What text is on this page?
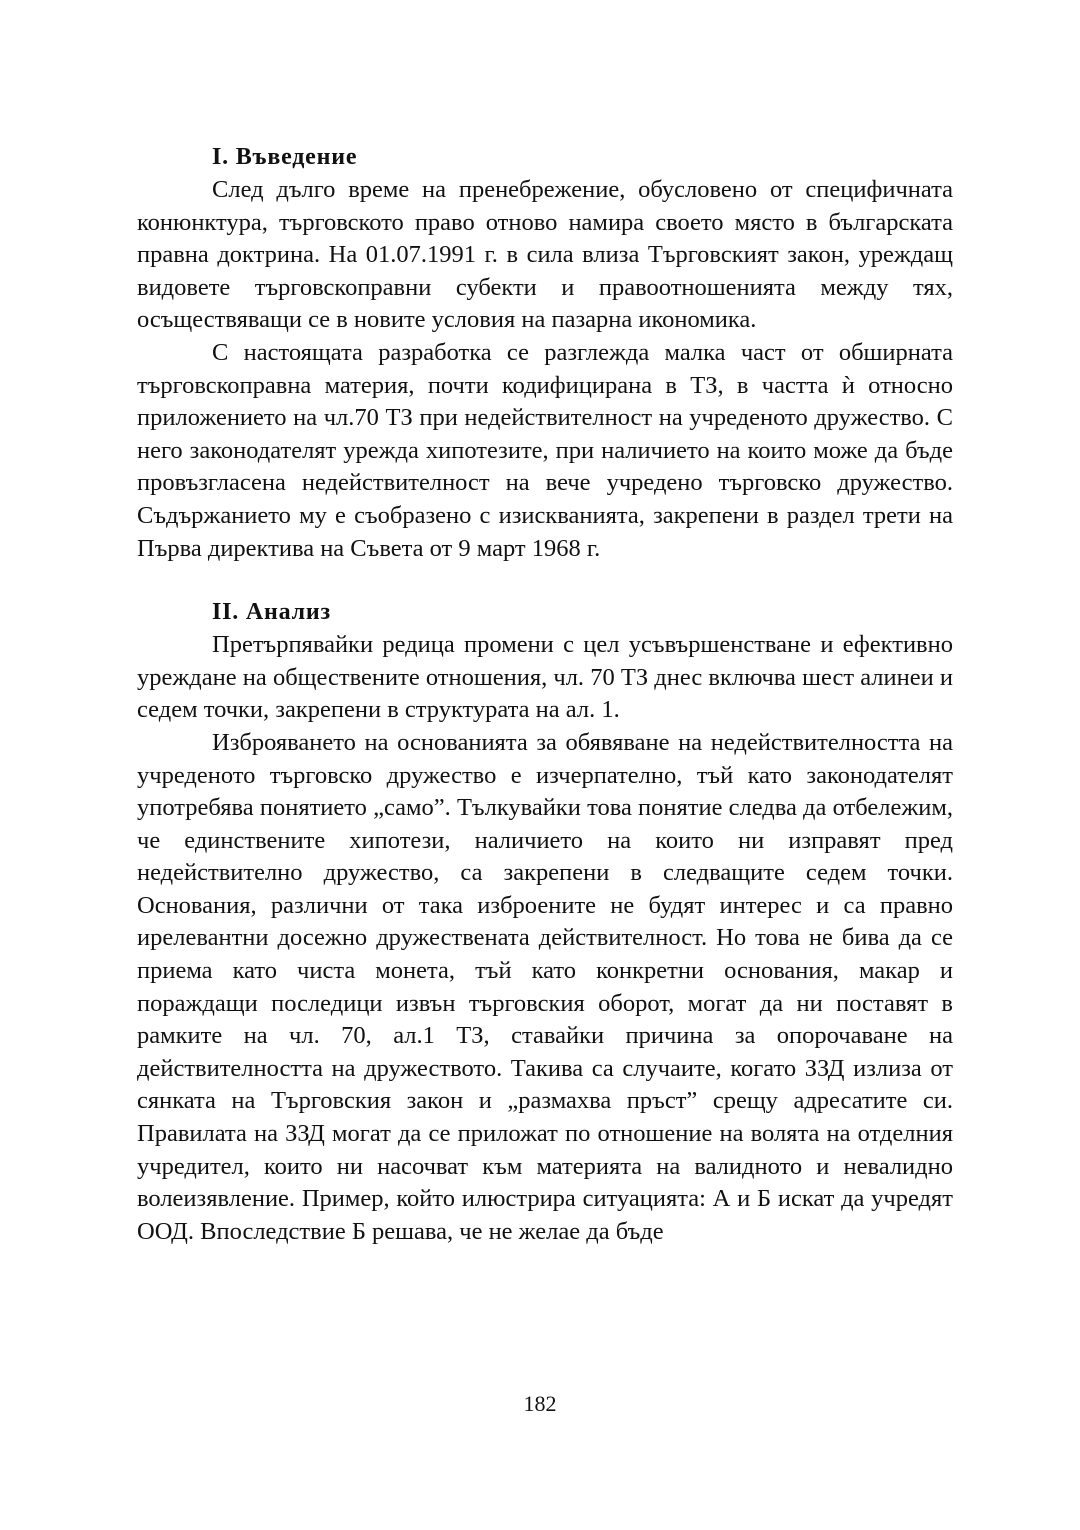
I. Въведение

След дълго време на пренебрежение, обусловено от специфичната конюнктура, търговското право отново намира своето място в българската правна доктрина. На 01.07.1991 г. в сила влиза Търговският закон, уреждащ видовете търговскоправни субекти и правоотношенията между тях, осъществяващи се в новите условия на пазарна икономика.

С настоящата разработка се разглежда малка част от обширната търговскоправна материя, почти кодифицирана в ТЗ, в частта ѝ относно приложението на чл.70 ТЗ при недействителност на учреденото дружество. С него законодателят урежда хипотезите, при наличието на които може да бъде провъзгласена недействителност на вече учредено търговско дружество. Съдържанието му е съобразено с изискванията, закрепени в раздел трети на Първа директива на Съвета от 9 март 1968 г.

II. Анализ

Претърпявайки редица промени с цел усъвършенстване и ефективно уреждане на обществените отношения, чл. 70 ТЗ днес включва шест алинеи и седем точки, закрепени в структурата на ал. 1.

Изброяването на основанията за обявяване на недействителността на учреденото търговско дружество е изчерпателно, тъй като законодателят употребява понятието „само”. Тълкувайки това понятие следва да отбележим, че единствените хипотези, наличието на които ни изправят пред недействително дружество, са закрепени в следващите седем точки. Основания, различни от така изброените не будят интерес и са правно ирелевантни досежно дружествената действителност. Но това не бива да се приема като чиста монета, тъй като конкретни основания, макар и пораждащи последици извън търговския оборот, могат да ни поставят в рамките на чл. 70, ал.1 ТЗ, ставайки причина за опорочаване на действителността на дружеството. Такива са случаите, когато ЗЗД излиза от сянката на Търговския закон и „размахва пръст” срещу адресатите си. Правилата на ЗЗД могат да се приложат по отношение на волята на отделния учредител, които ни насочват към материята на валидното и невалидно волеизявление. Пример, който илюстрира ситуацията: А и Б искат да учредят ООД. Впоследствие Б решава, че не желае да бъде

182
